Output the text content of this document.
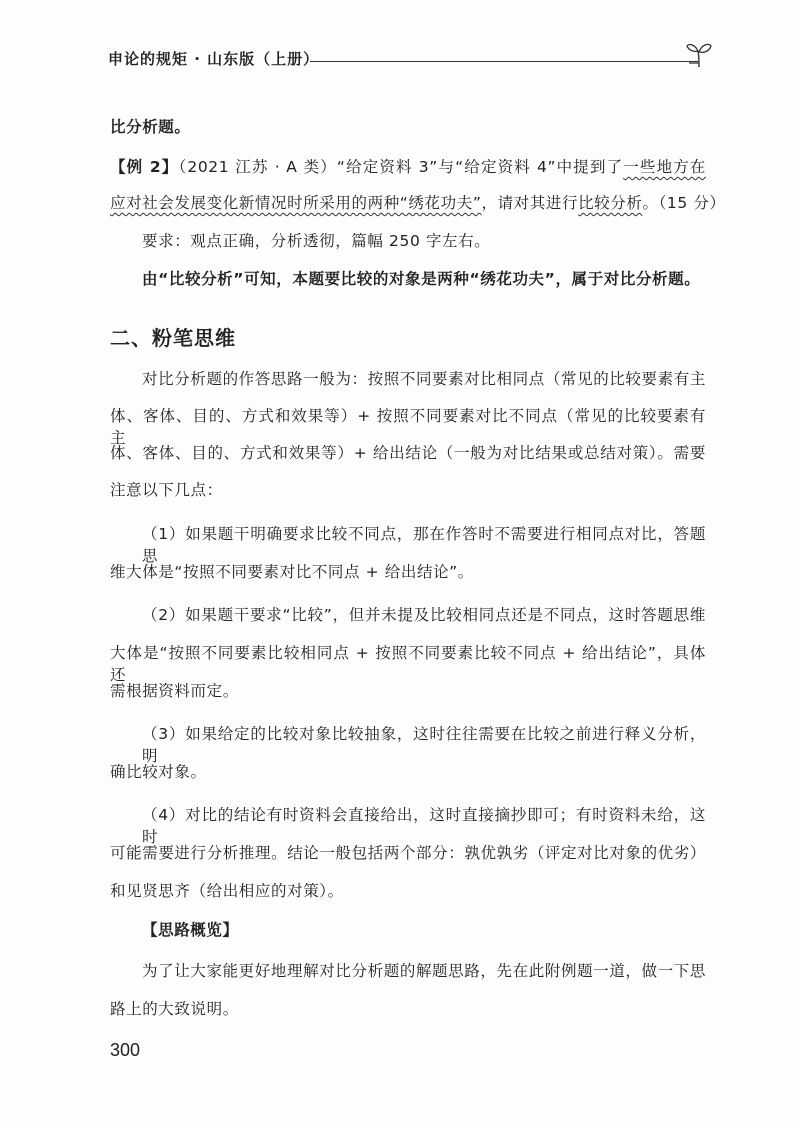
申论的规矩 · 山东版（上册）
比分析题。
【例 2】（2021 江苏 · A 类）“给定资料 3”与“给定资料 4”中提到了一些地方在
应对社会发展变化新情况时所采用的两种“绣花功夫”，请对其进行比较分析。（15 分）
要求：观点正确，分析透彻，篇幅 250 字左右。
由“比较分析”可知，本题要比较的对象是两种“绣花功夫”，属于对比分析题。
二、粉笔思维
对比分析题的作答思路一般为：按照不同要素对比相同点（常见的比较要素有主
体、客体、目的、方式和效果等）+ 按照不同要素对比不同点（常见的比较要素有主
体、客体、目的、方式和效果等）+ 给出结论（一般为对比结果或总结对策）。需要
注意以下几点：
（1）如果题干明确要求比较不同点，那在作答时不需要进行相同点对比，答题思
维大体是“按照不同要素对比不同点 + 给出结论”。
（2）如果题干要求“比较”，但并未提及比较相同点还是不同点，这时答题思维
大体是“按照不同要素比较相同点 + 按照不同要素比较不同点 + 给出结论”，具体还
需根据资料而定。
（3）如果给定的比较对象比较抽象，这时往往需要在比较之前进行释义分析，明
确比较对象。
（4）对比的结论有时资料会直接给出，这时直接摘抄即可；有时资料未给，这时
可能需要进行分析推理。结论一般包括两个部分：孰优孰劣（评定对比对象的优劣）
和见贤思齐（给出相应的对策）。
【思路概览】
为了让大家能更好地理解对比分析题的解题思路，先在此附例题一道，做一下思
路上的大致说明。
300
